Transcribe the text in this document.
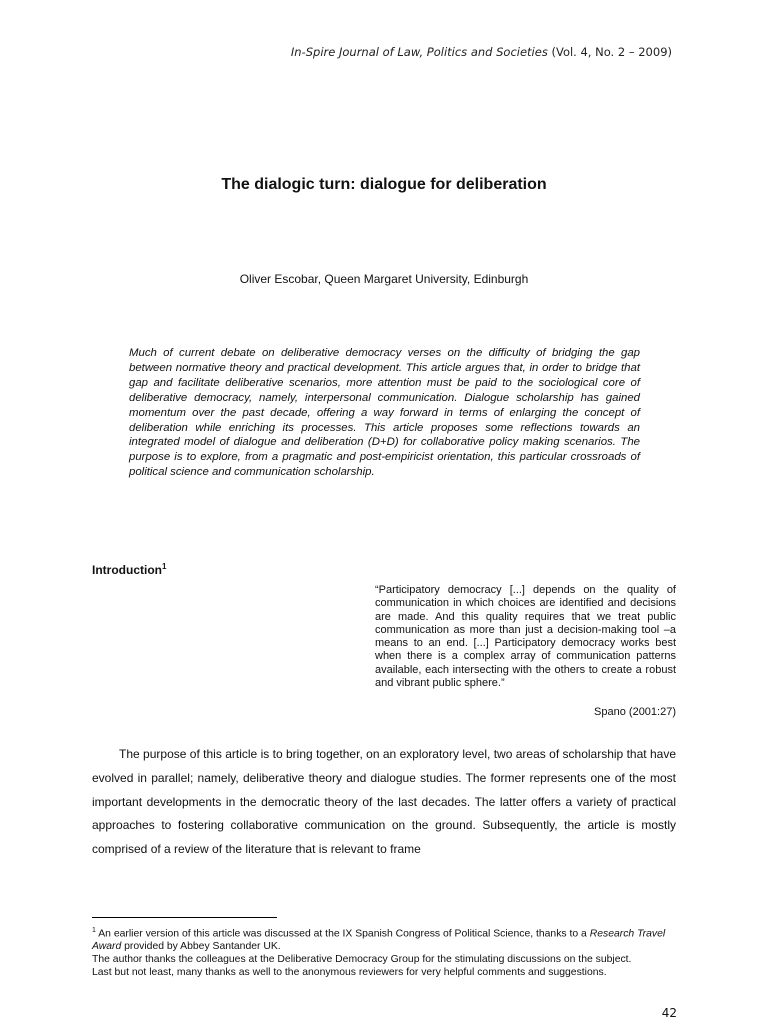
In-Spire Journal of Law, Politics and Societies (Vol. 4, No. 2 – 2009)
The dialogic turn: dialogue for deliberation
Oliver Escobar, Queen Margaret University, Edinburgh

Much of current debate on deliberative democracy verses on the difficulty of bridging the gap between normative theory and practical development. This article argues that, in order to bridge that gap and facilitate deliberative scenarios, more attention must be paid to the sociological core of deliberative democracy, namely, interpersonal communication. Dialogue scholarship has gained momentum over the past decade, offering a way forward in terms of enlarging the concept of deliberation while enriching its processes. This article proposes some reflections towards an integrated model of dialogue and deliberation (D+D) for collaborative policy making scenarios. The purpose is to explore, from a pragmatic and post-empiricist orientation, this particular crossroads of political science and communication scholarship.

Introduction$^1$

“Participatory democracy [...] depends on the quality of communication in which choices are identified and decisions are made. And this quality requires that we treat public communication as more than just a decision-making tool –a means to an end. [...] Participatory democracy works best when there is a complex array of communication patterns available, each intersecting with the others to create a robust and vibrant public sphere.”

Spano (2001:27)

The purpose of this article is to bring together, on an exploratory level, two areas of scholarship that have evolved in parallel; namely, deliberative theory and dialogue studies. The former represents one of the most important developments in the democratic theory of the last decades. The latter offers a variety of practical approaches to fostering collaborative communication on the ground. Subsequently, the article is mostly comprised of a review of the literature that is relevant to frame

$^1$ An earlier version of this article was discussed at the IX Spanish Congress of Political Science, thanks to a Research Travel Award provided by Abbey Santander UK.

The author thanks the colleagues at the Deliberative Democracy Group for the stimulating discussions on the subject.

Last but not least, many thanks as well to the anonymous reviewers for very helpful comments and suggestions.

42
